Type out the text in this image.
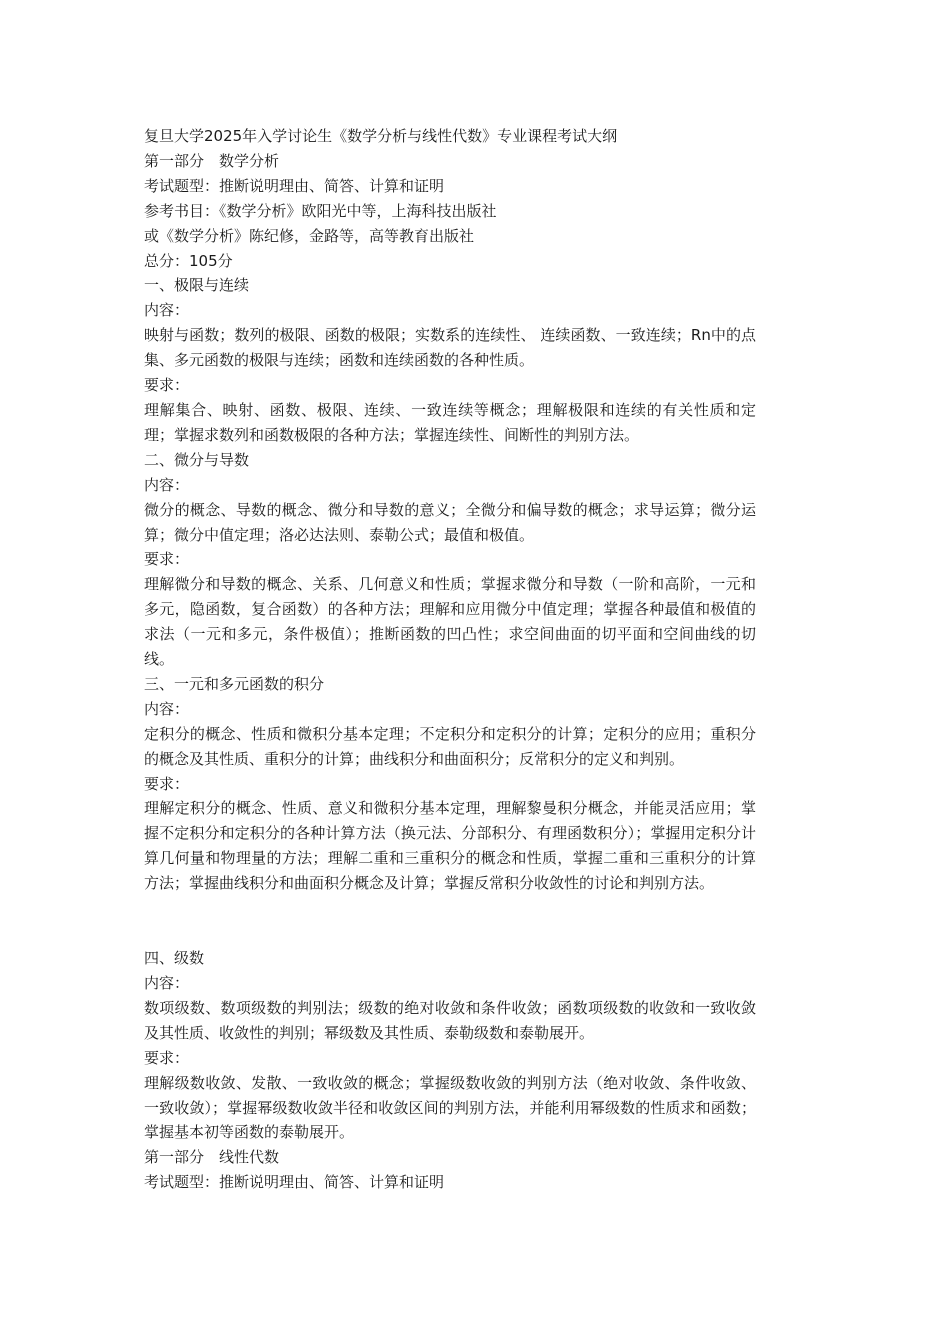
复旦大学2025年入学讨论生《数学分析与线性代数》专业课程考试大纲
第一部分　数学分析
考试题型：推断说明理由、简答、计算和证明
参考书目：《数学分析》欧阳光中等，上海科技出版社
或《数学分析》陈纪修，金路等，高等教育出版社
总分：105分
一、极限与连续
内容：
映射与函数；数列的极限、函数的极限；实数系的连续性、 连续函数、一致连续；Rn中的点集、多元函数的极限与连续；函数和连续函数的各种性质。
要求：
理解集合、映射、函数、极限、连续、一致连续等概念；理解极限和连续的有关性质和定理；掌握求数列和函数极限的各种方法；掌握连续性、间断性的判别方法。
二、微分与导数
内容：
微分的概念、导数的概念、微分和导数的意义；全微分和偏导数的概念；求导运算；微分运算；微分中值定理；洛必达法则、泰勒公式；最值和极值。
要求：
理解微分和导数的概念、关系、几何意义和性质；掌握求微分和导数（一阶和高阶，一元和多元，隐函数，复合函数）的各种方法；理解和应用微分中值定理；掌握各种最值和极值的求法（一元和多元，条件极值）；推断函数的凹凸性；求空间曲面的切平面和空间曲线的切线。
三、一元和多元函数的积分
内容：
定积分的概念、性质和微积分基本定理；不定积分和定积分的计算；定积分的应用；重积分的概念及其性质、重积分的计算；曲线积分和曲面积分；反常积分的定义和判别。
要求：
理解定积分的概念、性质、意义和微积分基本定理，理解黎曼积分概念，并能灵活应用；掌握不定积分和定积分的各种计算方法（换元法、分部积分、有理函数积分）；掌握用定积分计算几何量和物理量的方法；理解二重和三重积分的概念和性质，掌握二重和三重积分的计算方法；掌握曲线积分和曲面积分概念及计算；掌握反常积分收敛性的讨论和判别方法。
四、级数
内容：
数项级数、数项级数的判别法；级数的绝对收敛和条件收敛；函数项级数的收敛和一致收敛及其性质、收敛性的判别；幂级数及其性质、泰勒级数和泰勒展开。
要求：
理解级数收敛、发散、一致收敛的概念；掌握级数收敛的判别方法（绝对收敛、条件收敛、一致收敛）；掌握幂级数收敛半径和收敛区间的判别方法，并能利用幂级数的性质求和函数；掌握基本初等函数的泰勒展开。
第一部分　线性代数
考试题型：推断说明理由、简答、计算和证明
